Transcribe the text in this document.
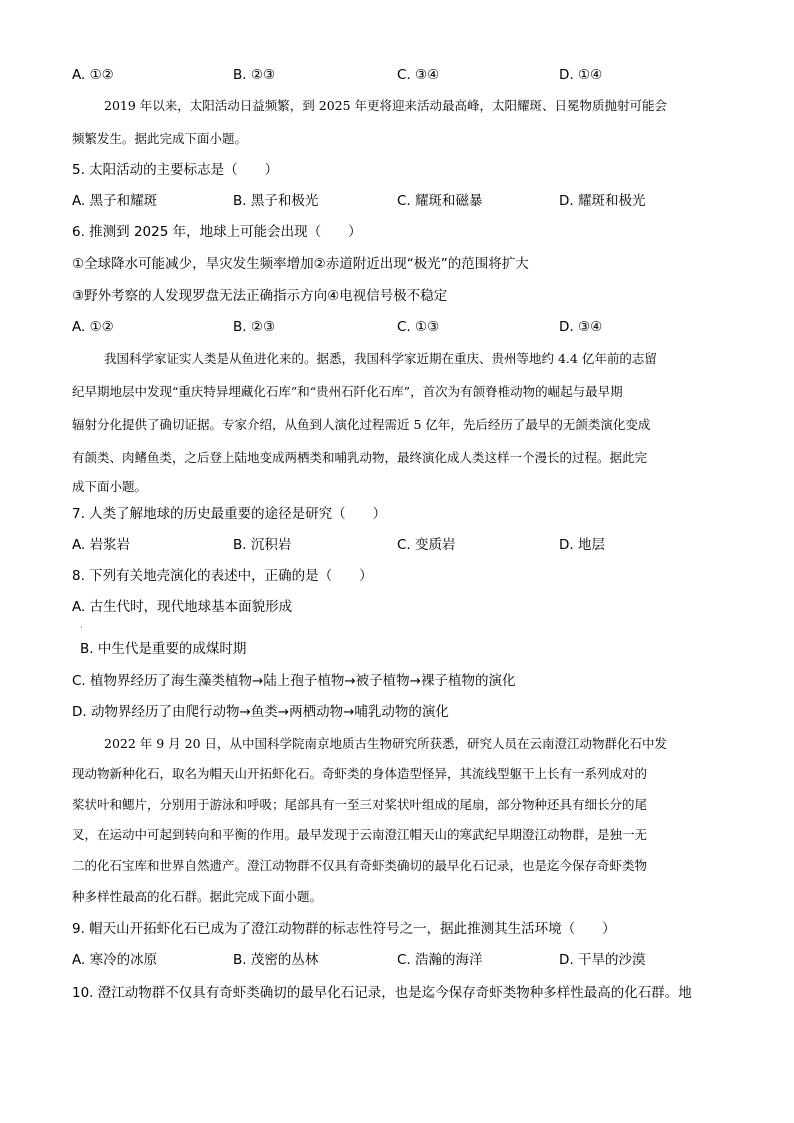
A. ①②	B. ②③	C. ③④	D. ①④
2019 年以来，太阳活动日益频繁，到 2025 年更将迎来活动最高峰，太阳耀斑、日冕物质抛射可能会
频繁发生。据此完成下面小题。
5. 太阳活动的主要标志是（　　）
A. 黑子和耀斑	B. 黑子和极光	C. 耀斑和磁暴	D. 耀斑和极光
6. 推测到 2025 年，地球上可能会出现（　　）
①全球降水可能减少，旱灾发生频率增加②赤道附近出现“极光”的范围将扩大
③野外考察的人发现罗盘无法正确指示方向④电视信号极不稳定
A. ①②	B. ②③	C. ①③	D. ③④
我国科学家证实人类是从鱼进化来的。据悉，我国科学家近期在重庆、贵州等地约 4.4 亿年前的志留
纪早期地层中发现“重庆特异埋藏化石库”和“贵州石阡化石库”，首次为有颌脊椎动物的崛起与最早期
辐射分化提供了确切证据。专家介绍，从鱼到人演化过程需近 5 亿年，先后经历了最早的无颌类演化变成
有颌类、肉鳍鱼类，之后登上陆地变成两栖类和哺乳动物，最终演化成人类这样一个漫长的过程。据此完
成下面小题。
7. 人类了解地球的历史最重要的途径是研究（　　）
A. 岩浆岩	B. 沉积岩	C. 变质岩	D. 地层
8. 下列有关地壳演化的表述中，正确的是（　　）
A. 古生代时，现代地球基本面貌形成
·
B. 中生代是重要的成煤时期
C. 植物界经历了海生藻类植物→陆上孢子植物→被子植物→裸子植物的演化
D. 动物界经历了由爬行动物→鱼类→两栖动物→哺乳动物的演化
2022 年 9 月 20 日，从中国科学院南京地质古生物研究所获悉，研究人员在云南澄江动物群化石中发
现动物新种化石，取名为帽天山开拓虾化石。奇虾类的身体造型怪异，其流线型躯干上长有一系列成对的
桨状叶和鳃片，分别用于游泳和呼吸；尾部具有一至三对桨状叶组成的尾扇，部分物种还具有细长分的尾
叉，在运动中可起到转向和平衡的作用。最早发现于云南澄江帽天山的寒武纪早期澄江动物群，是独一无
二的化石宝库和世界自然遗产。澄江动物群不仅具有奇虾类确切的最早化石记录，也是迄今保存奇虾类物
种多样性最高的化石群。据此完成下面小题。
9. 帽天山开拓虾化石已成为了澄江动物群的标志性符号之一，据此推测其生活环境（　　）
A. 寒冷的冰原	B. 茂密的丛林	C. 浩瀚的海洋	D. 干旱的沙漠
10. 澄江动物群不仅具有奇虾类确切的最早化石记录，也是迄今保存奇虾类物种多样性最高的化石群。地
